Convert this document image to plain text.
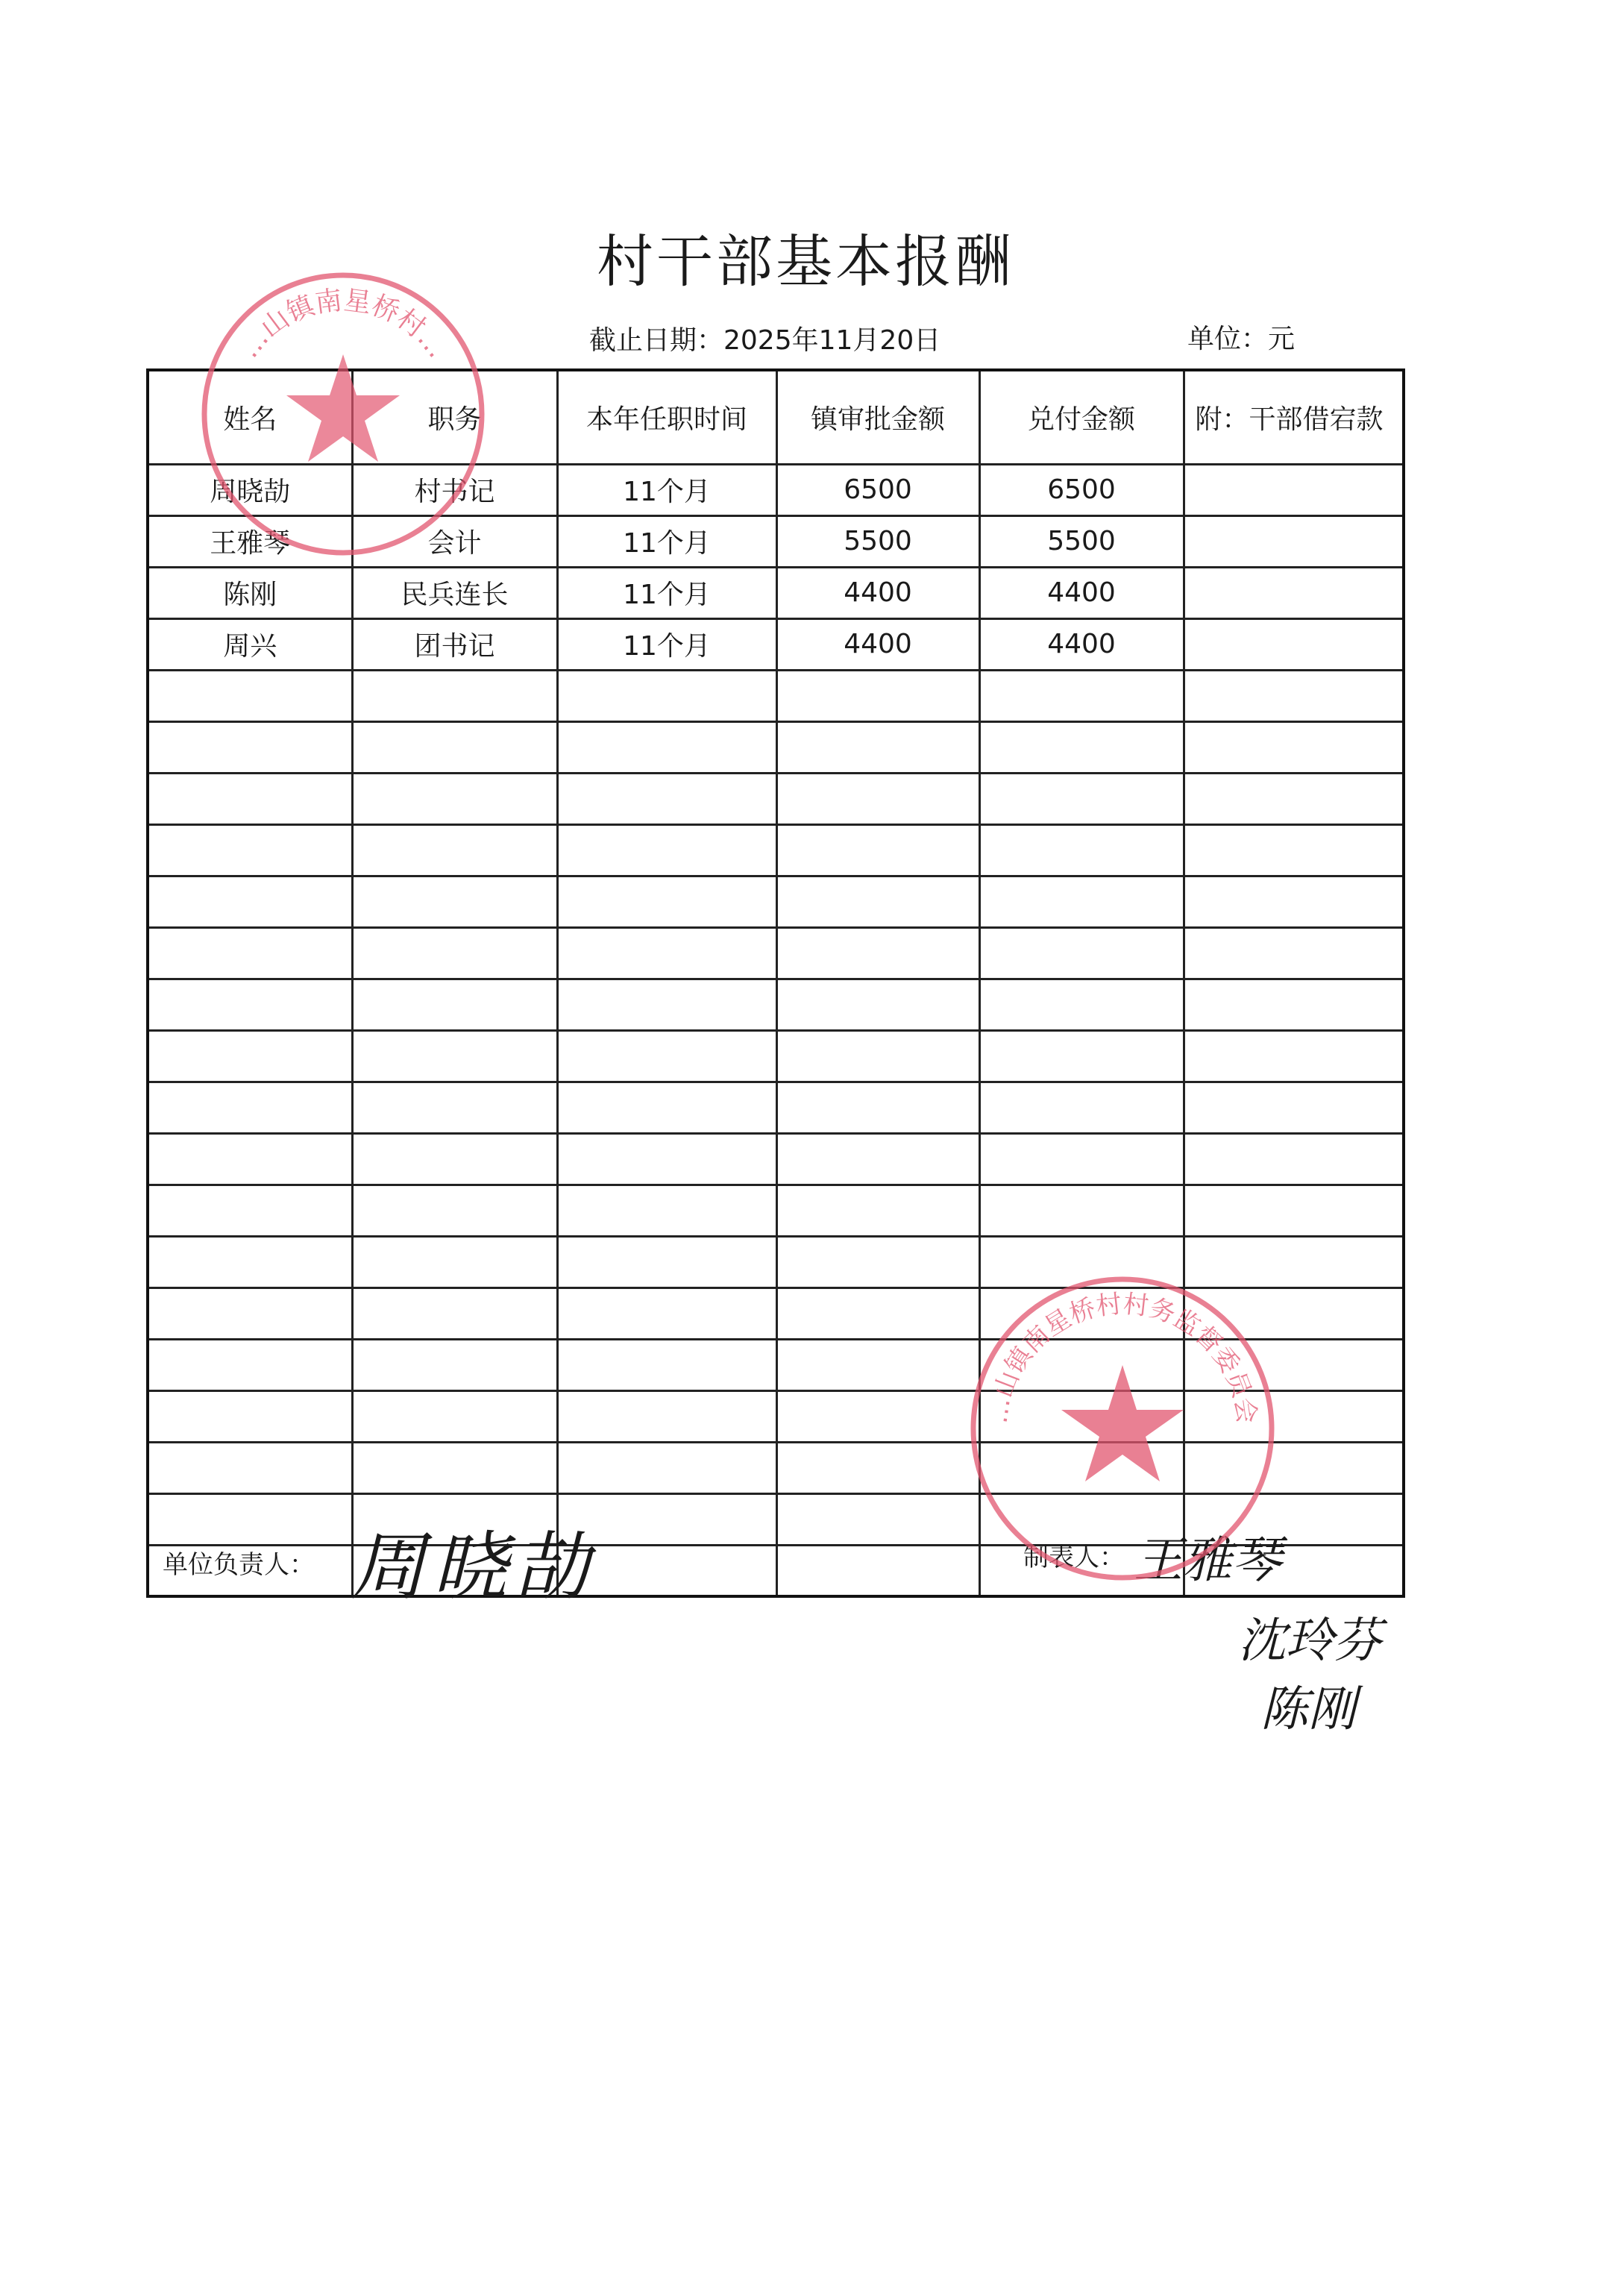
村干部基本报酬
截止日期：2025年11月20日	单位：元
姓名	职务	本年任职时间	镇审批金额	兑付金额	附：干部借宕款
周晓劼	村书记	11个月	6500	6500	
王雅琴	会计	11个月	5500	5500	
陈刚	民兵连长	11个月	4400	4400	
周兴	团书记	11个月	4400	4400	

单位负责人： 周晓劼	制表人： 王雅琴
沈玲芬
陈刚
…山镇南星桥村…
…山镇南星桥村村务监督委员会
